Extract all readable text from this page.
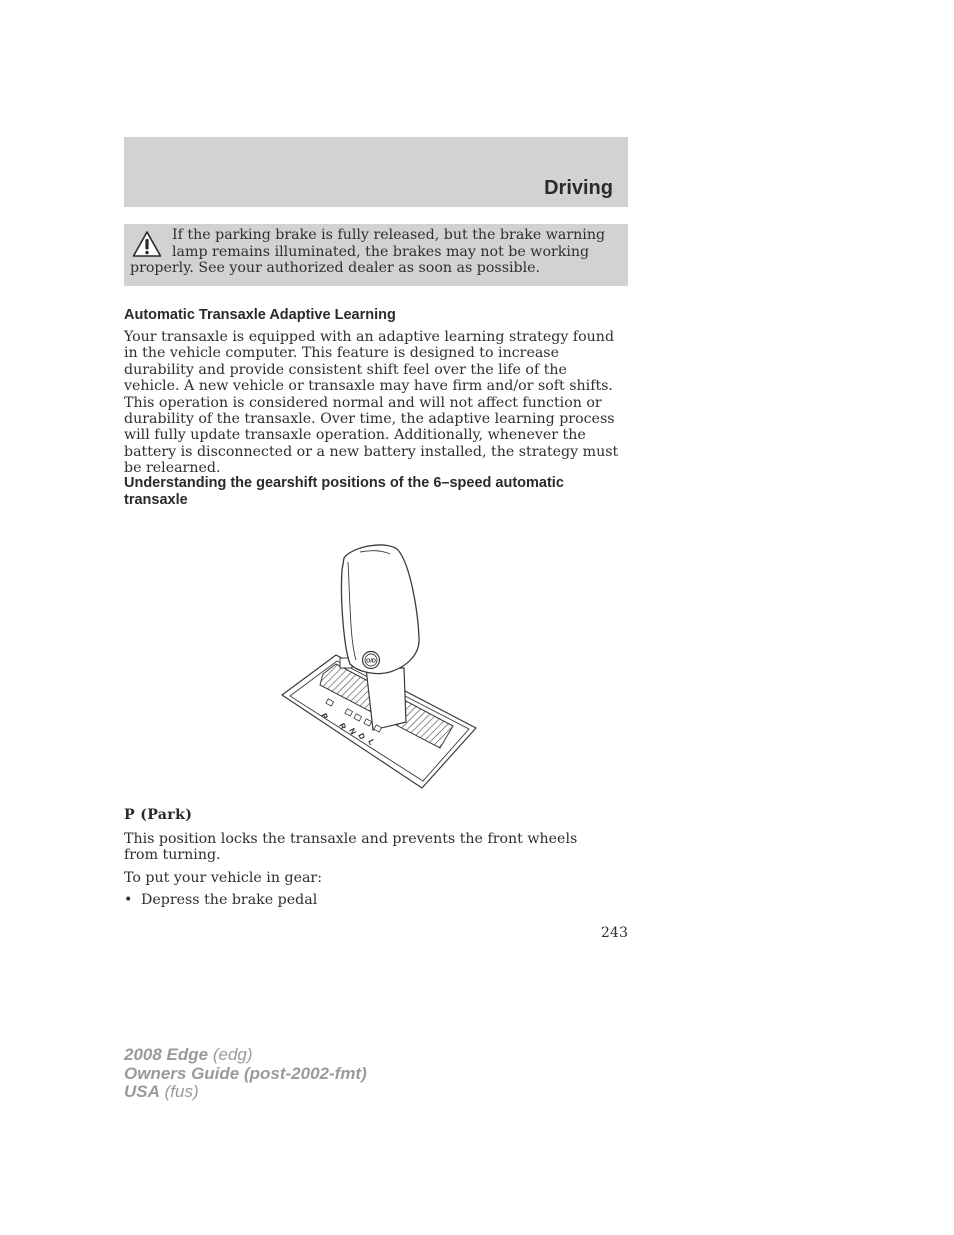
Driving
If the parking brake is fully released, but the brake warning lamp remains illuminated, the brakes may not be working properly. See your authorized dealer as soon as possible.
Automatic Transaxle Adaptive Learning
Your transaxle is equipped with an adaptive learning strategy found in the vehicle computer. This feature is designed to increase durability and provide consistent shift feel over the life of the vehicle. A new vehicle or transaxle may have firm and/or soft shifts. This operation is considered normal and will not affect function or durability of the transaxle. Over time, the adaptive learning process will fully update transaxle operation. Additionally, whenever the battery is disconnected or a new battery installed, the strategy must be relearned.
Understanding the gearshift positions of the 6–speed automatic transaxle
O/D
P
R
N
D
L
P (Park)
This position locks the transaxle and prevents the front wheels from turning.
To put your vehicle in gear:
• Depress the brake pedal
243
2008 Edge (edg)
Owners Guide (post-2002-fmt)
USA (fus)
